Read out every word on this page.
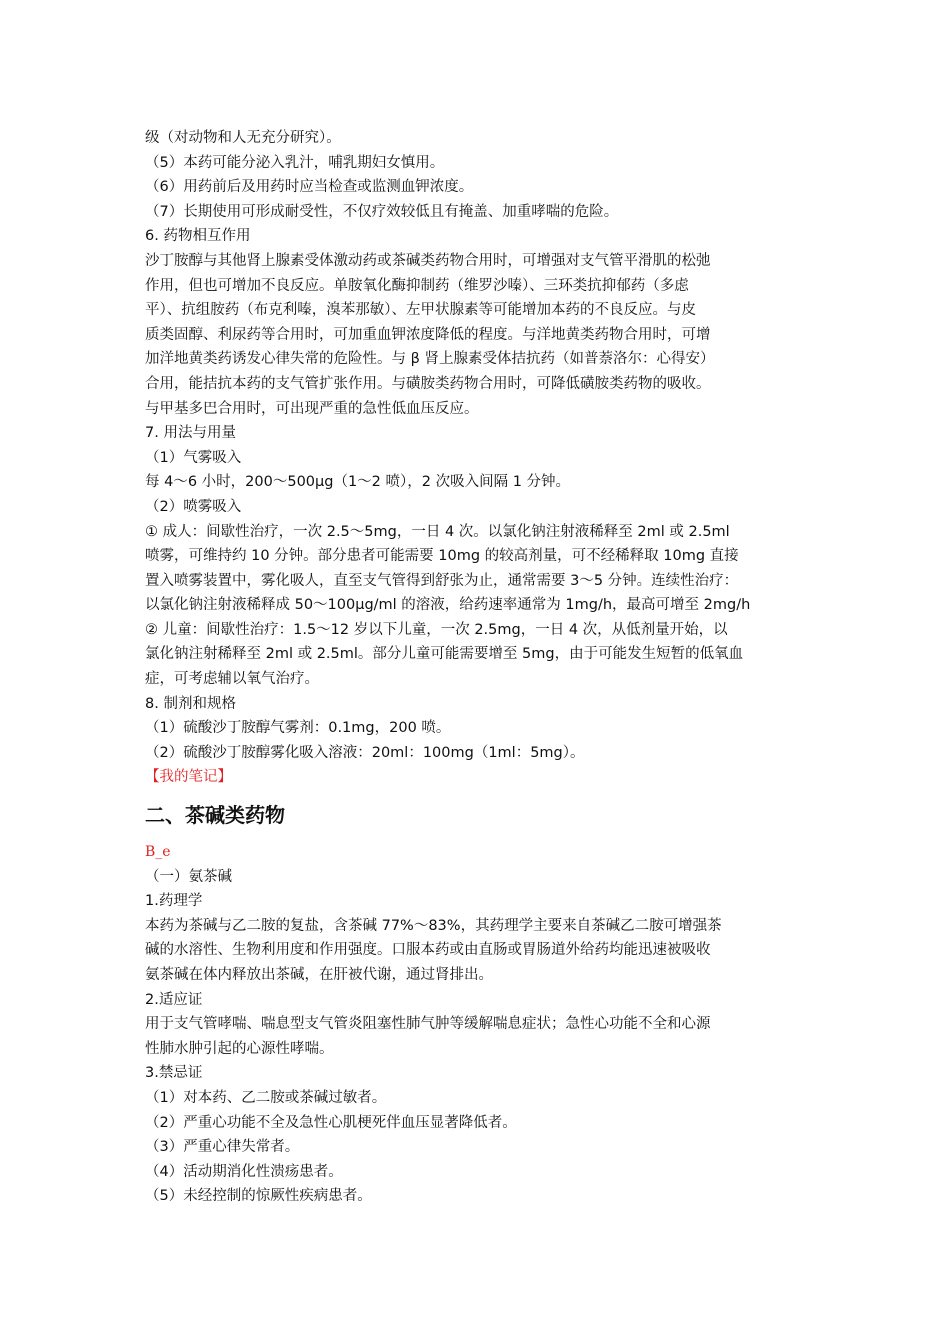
级（对动物和人无充分研究）。
（5）本药可能分泌入乳汁，哺乳期妇女慎用。
（6）用药前后及用药时应当检查或监测血钾浓度。
（7）长期使用可形成耐受性，不仅疗效较低且有掩盖、加重哮喘的危险。
6. 药物相互作用
沙丁胺醇与其他肾上腺素受体激动药或茶碱类药物合用时，可增强对支气管平滑肌的松弛
作用，但也可增加不良反应。单胺氧化酶抑制药（维罗沙嗪）、三环类抗抑郁药（多虑
平）、抗组胺药（布克利嗪，溴苯那敏）、左甲状腺素等可能增加本药的不良反应。与皮
质类固醇、利尿药等合用时，可加重血钾浓度降低的程度。与洋地黄类药物合用时，可增
加洋地黄类药诱发心律失常的危险性。与 β 肾上腺素受体拮抗药（如普萘洛尔：心得安）
合用，能拮抗本药的支气管扩张作用。与磺胺类药物合用时，可降低磺胺类药物的吸收。
与甲基多巴合用时，可出现严重的急性低血压反应。
7. 用法与用量
（1）气雾吸入
每 4～6 小时，200～500μg（1～2 喷），2 次吸入间隔 1 分钟。
（2）喷雾吸入
① 成人：间歇性治疗，一次 2.5～5mg，一日 4 次。以氯化钠注射液稀释至 2ml 或 2.5ml
喷雾，可维持约 10 分钟。部分患者可能需要 10mg 的较高剂量，可不经稀释取 10mg 直接
置入喷雾装置中，雾化吸人，直至支气管得到舒张为止，通常需要 3～5 分钟。连续性治疗：
以氯化钠注射液稀释成 50～100μg/ml 的溶液，给药速率通常为 1mg/h，最高可增至 2mg/h
② 儿童：间歇性治疗：1.5～12 岁以下儿童，一次 2.5mg，一日 4 次，从低剂量开始，以
氯化钠注射稀释至 2ml 或 2.5ml。部分儿童可能需要增至 5mg，由于可能发生短暂的低氧血
症，可考虑辅以氧气治疗。
8. 制剂和规格
（1）硫酸沙丁胺醇气雾剂：0.1mg，200 喷。
（2）硫酸沙丁胺醇雾化吸入溶液：20ml：100mg（1ml：5mg）。
【我的笔记】
二、茶碱类药物
B_e
（一）氨茶碱
1.药理学
本药为茶碱与乙二胺的复盐，含茶碱 77%～83%，其药理学主要来自茶碱乙二胺可增强茶
碱的水溶性、生物利用度和作用强度。口服本药或由直肠或胃肠道外给药均能迅速被吸收
氨茶碱在体内释放出茶碱，在肝被代谢，通过肾排出。
2.适应证
用于支气管哮喘、喘息型支气管炎阻塞性肺气肿等缓解喘息症状；急性心功能不全和心源
性肺水肿引起的心源性哮喘。
3.禁忌证
（1）对本药、乙二胺或茶碱过敏者。
（2）严重心功能不全及急性心肌梗死伴血压显著降低者。
（3）严重心律失常者。
（4）活动期消化性溃疡患者。
（5）未经控制的惊厥性疾病患者。
